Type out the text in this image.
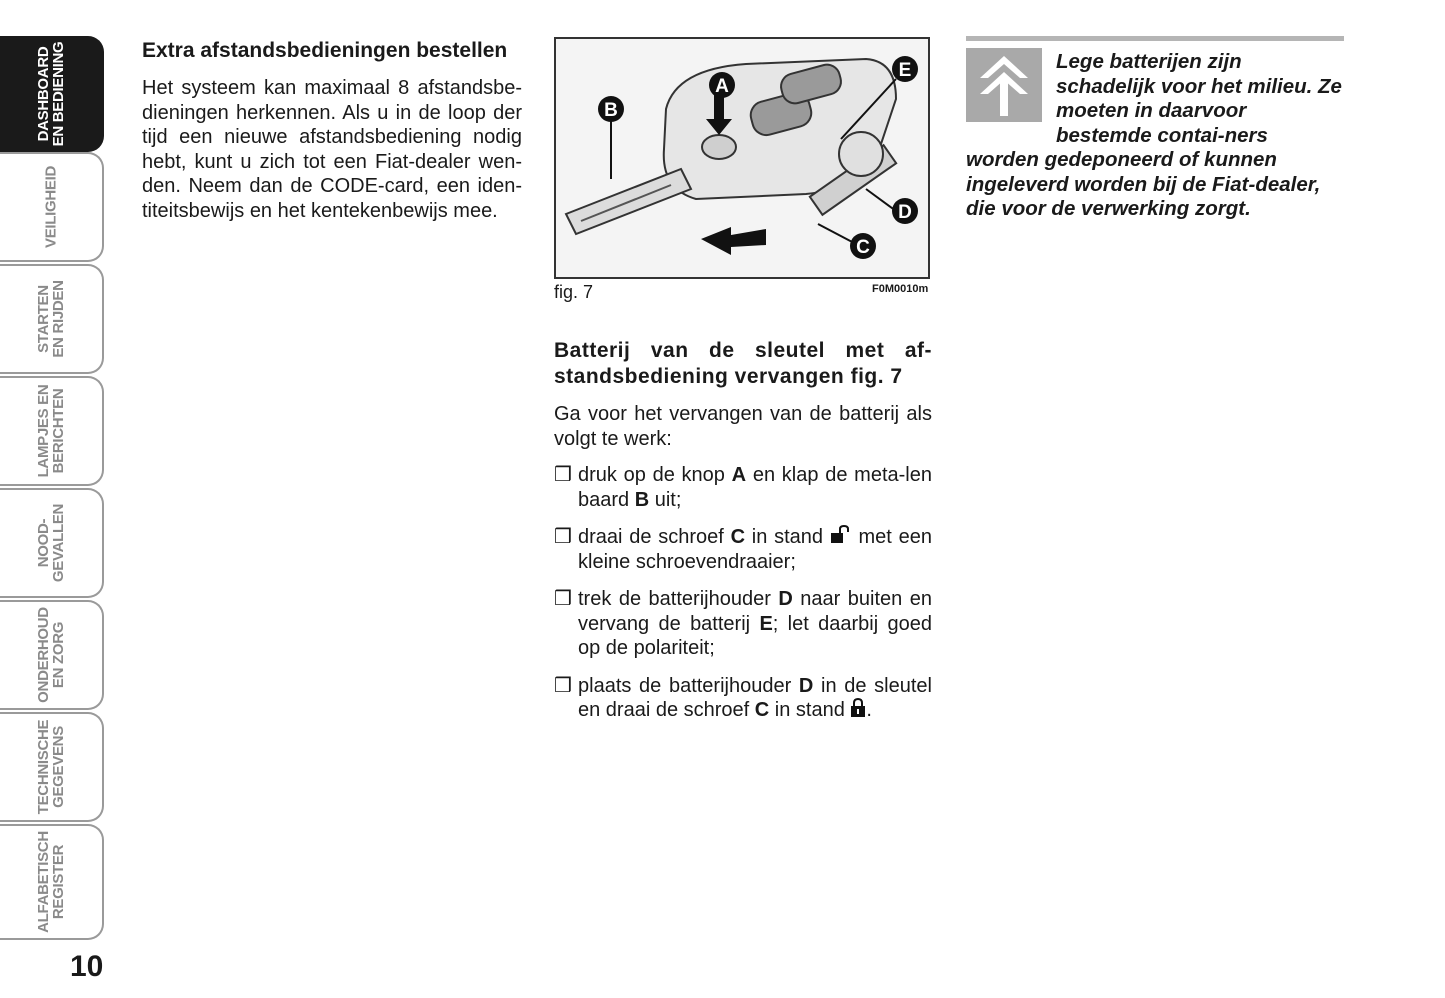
DASHBOARD
EN BEDIENING
VEILIGHEID
STARTEN
EN RIJDEN
LAMPJES EN
BERICHTEN
NOOD-
GEVALLEN
ONDERHOUD
EN ZORG
TECHNISCHE
GEGEVENS
ALFABETISCH
REGISTER
10
Extra afstandsbedieningen bestellen

Het systeem kan maximaal 8 afstandsbe-dieningen herkennen. Als u in de loop der tijd een nieuwe afstandsbediening nodig hebt, kunt u zich tot een Fiat-dealer wen-den. Neem dan de CODE-card, een iden-titeitsbewijs en het kentekenbewijs mee.

A
B
C
D
E
fig. 7	F0M0010m
Batterij van de sleutel met af-standsbediening vervangen fig. 7

Ga voor het vervangen van de batterij als volgt te werk:

❒ druk op de knop A en klap de meta-len baard B uit;
❒ draai de schroef C in stand  met een kleine schroevendraaier;
❒ trek de batterijhouder D naar buiten en vervang de batterij E; let daarbij goed op de polariteit;
❒ plaats de batterijhouder D in de sleutel en draai de schroef C in stand .
Lege batterijen zijn schadelijk voor het milieu. Ze moeten in daarvoor bestemde contai-ners worden gedeponeerd of kunnen ingeleverd worden bij de Fiat-dealer, die voor de verwerking zorgt.
